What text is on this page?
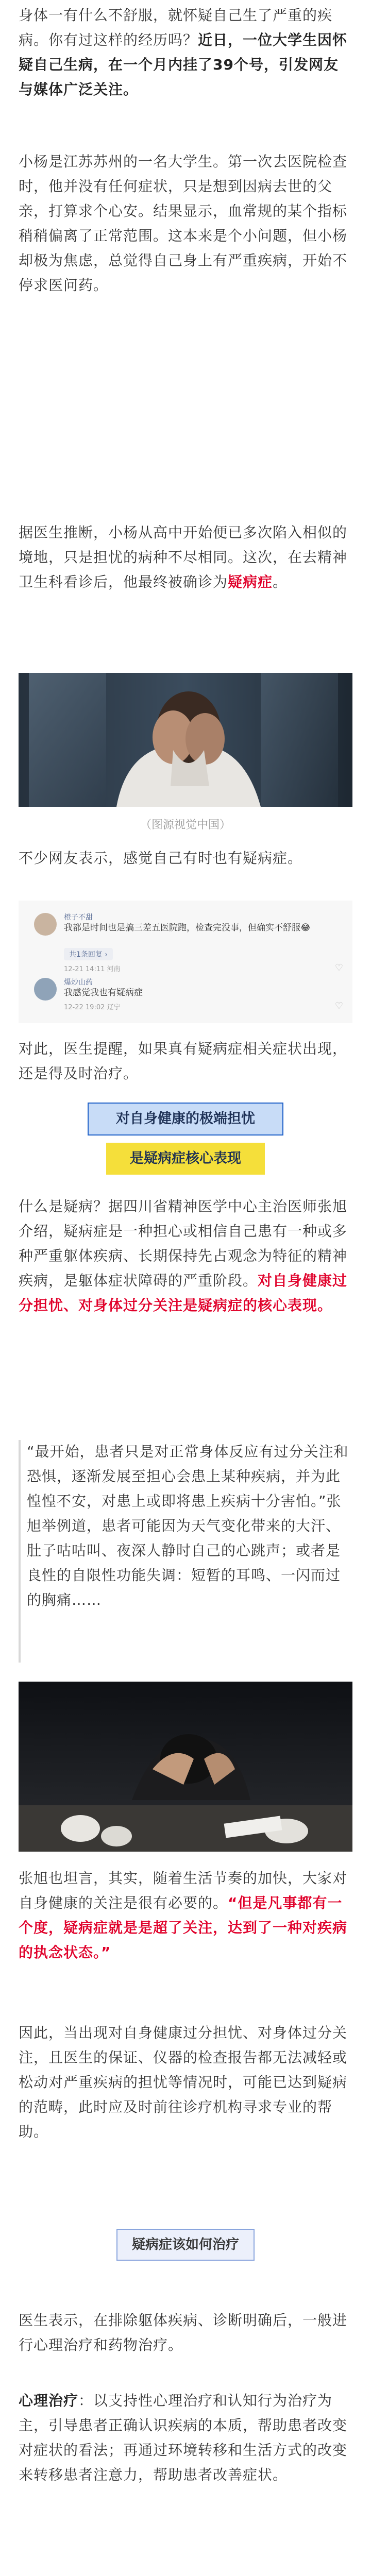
身体一有什么不舒服，就怀疑自己生了严重的疾病。你有过这样的经历吗？近日，一位大学生因怀疑自己生病，在一个月内挂了39个号，引发网友与媒体广泛关注。

小杨是江苏苏州的一名大学生。第一次去医院检查时，他并没有任何症状，只是想到因病去世的父亲，打算求个心安。结果显示，血常规的某个指标稍稍偏离了正常范围。这本来是个小问题，但小杨却极为焦虑，总觉得自己身上有严重疾病，开始不停求医问药。

据医生推断，小杨从高中开始便已多次陷入相似的境地，只是担忧的病种不尽相同。这次，在去精神卫生科看诊后，他最终被确诊为疑病症。

（图源视觉中国）

不少网友表示，感觉自己有时也有疑病症。

橙子不甜
我都是时间也是搞三差五医院跑，检查完没事，但确实不舒服😂
共1条回复 ›
12-21 14:11 河南	♡
爆炒山药
我感觉我也有疑病症
12-22 19:02 辽宁	♡

对此，医生提醒，如果真有疑病症相关症状出现，还是得及时治疗。

对自身健康的极端担忧
是疑病症核心表现

什么是疑病？据四川省精神医学中心主治医师张旭介绍，疑病症是一种担心或相信自己患有一种或多种严重躯体疾病、长期保持先占观念为特征的精神疾病，是躯体症状障碍的严重阶段。对自身健康过分担忧、对身体过分关注是疑病症的核心表现。

“最开始，患者只是对正常身体反应有过分关注和恐惧，逐渐发展至担心会患上某种疾病，并为此惶惶不安，对患上或即将患上疾病十分害怕。”张旭举例道，患者可能因为天气变化带来的大汗、肚子咕咕叫、夜深人静时自己的心跳声；或者是良性的自限性功能失调：短暂的耳鸣、一闪而过的胸痛……

张旭也坦言，其实，随着生活节奏的加快，大家对自身健康的关注是很有必要的。“但是凡事都有一个度，疑病症就是是超了关注，达到了一种对疾病的执念状态。”

因此，当出现对自身健康过分担忧、对身体过分关注，且医生的保证、仪器的检查报告都无法减轻或松动对严重疾病的担忧等情况时，可能已达到疑病的范畴，此时应及时前往诊疗机构寻求专业的帮助。

疑病症该如何治疗

医生表示，在排除躯体疾病、诊断明确后，一般进行心理治疗和药物治疗。

心理治疗：以支持性心理治疗和认知行为治疗为主，引导患者正确认识疾病的本质，帮助患者改变对症状的看法；再通过环境转移和生活方式的改变来转移患者注意力，帮助患者改善症状。
